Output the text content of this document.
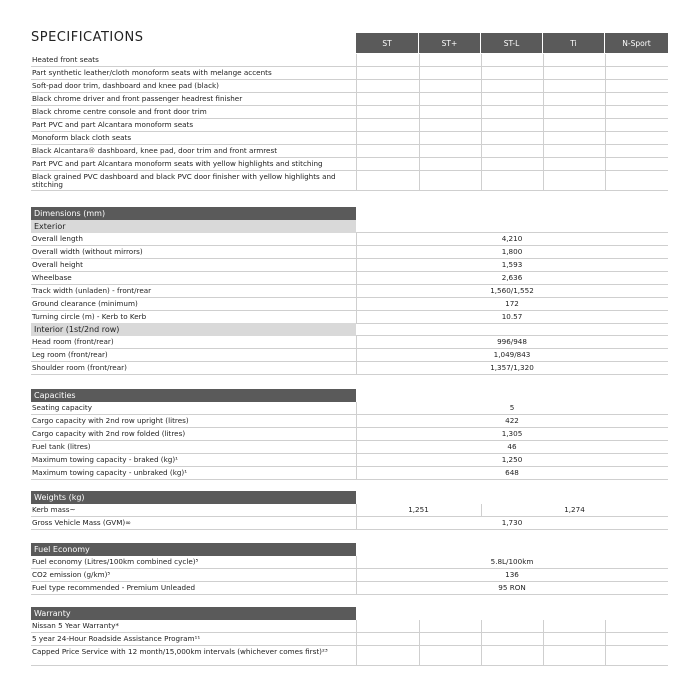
SPECIFICATIONS	ST	ST+	ST-L	Ti	N-Sport
Heated front seats
Part synthetic leather/cloth monoform seats with melange accents
Soft-pad door trim, dashboard and knee pad (black)
Black chrome driver and front passenger headrest finisher
Black chrome centre console and front door trim
Part PVC and part Alcantara monoform seats
Monoform black cloth seats
Black Alcantara® dashboard, knee pad, door trim and front armrest
Part PVC and part Alcantara monoform seats with yellow highlights and stitching
Black grained PVC dashboard and black PVC door finisher with yellow highlights and stitching
Dimensions (mm)
Exterior
Overall length	4,210
Overall width (without mirrors)	1,800
Overall height	1,593
Wheelbase	2,636
Track width (unladen) - front/rear	1,560/1,552
Ground clearance (minimum)	172
Turning circle (m) - Kerb to Kerb	10.57
Interior (1st/2nd row)
Head room (front/rear)	996/948
Leg room (front/rear)	1,049/843
Shoulder room (front/rear)	1,357/1,320
Capacities
Seating capacity	5
Cargo capacity with 2nd row upright (litres)	422
Cargo capacity with 2nd row folded (litres)	1,305
Fuel tank (litres)	46
Maximum towing capacity - braked (kg)¹	1,250
Maximum towing capacity - unbraked (kg)¹	648
Weights (kg)
Kerb mass~	1,251	1,274
Gross Vehicle Mass (GVM)∞	1,730
Fuel Economy
Fuel economy (Litres/100km combined cycle)⁵	5.8L/100km
CO2 emission (g/km)⁵	136
Fuel type recommended - Premium Unleaded	95 RON
Warranty
Nissan 5 Year Warranty*
5 year 24-Hour Roadside Assistance Program¹¹
Capped Price Service with 12 month/15,000km intervals (whichever comes first)²³
